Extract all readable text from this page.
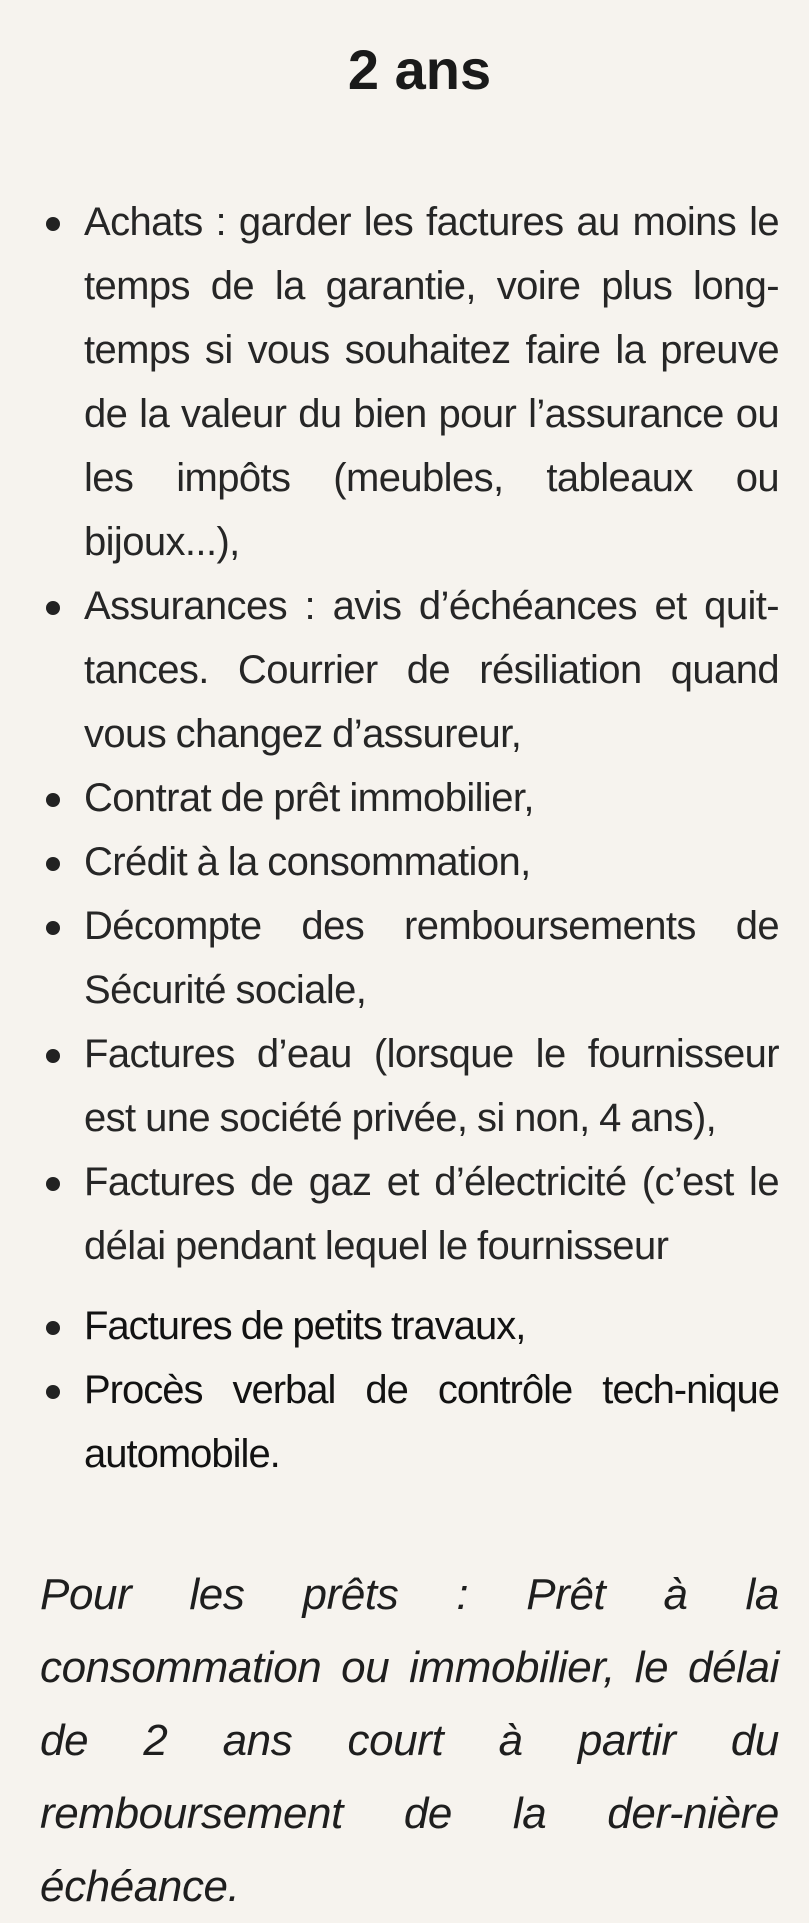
2 ans
Achats : garder les factures au moins le temps de la garantie, voire plus long-temps si vous souhaitez faire la preuve de la valeur du bien pour l’assurance ou les impôts (meubles, tableaux ou bijoux...),
Assurances : avis d’échéances et quit-tances. Courrier de résiliation quand vous changez d’assureur,
Contrat de prêt immobilier,
Crédit à la consommation,
Décompte des remboursements de Sécurité sociale,
Factures d’eau (lorsque le fournisseur est une société privée, si non, 4 ans),
Factures de gaz et d’électricité (c’est le délai pendant lequel le fournisseur
Factures de petits travaux,
Procès verbal de contrôle tech-nique automobile.

Pour les prêts : Prêt à la consommation ou immobilier, le délai de 2 ans court à partir du remboursement de la der-nière échéance.
